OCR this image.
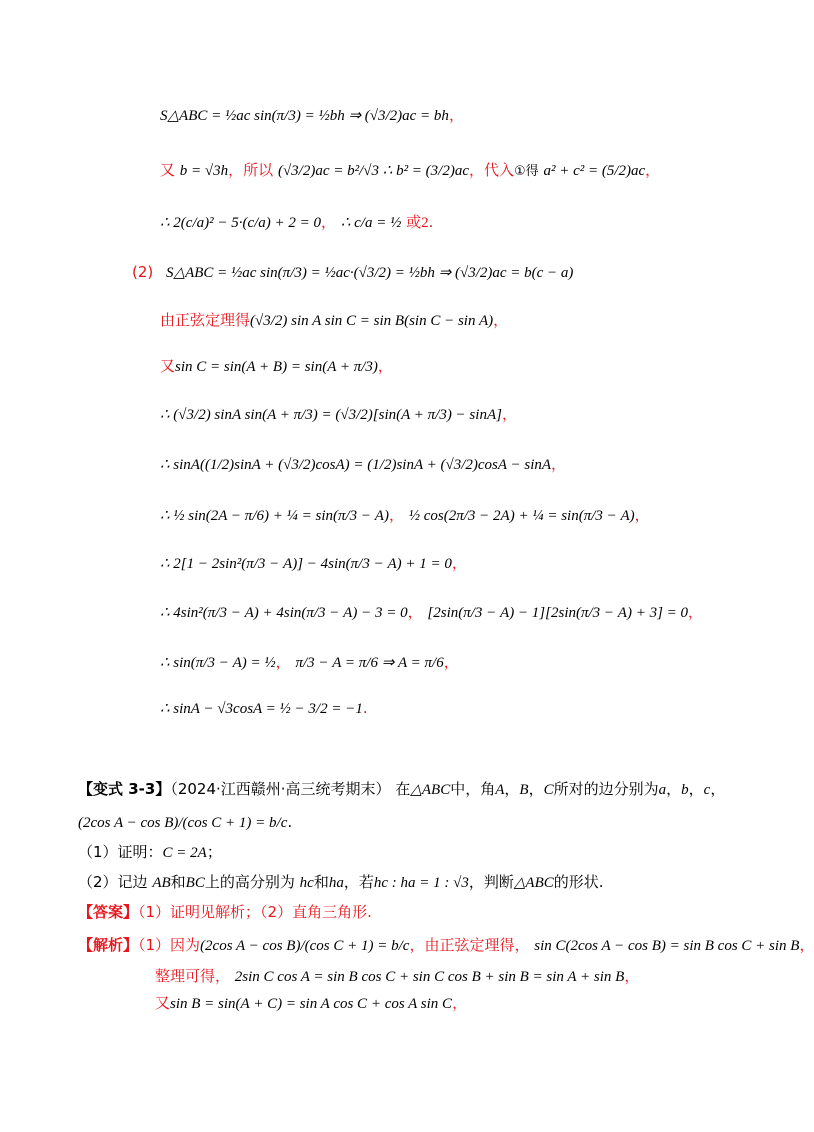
S△ABC = ½ac sin(π/3) = ½bh ⇒ (√3/2)ac = bh，
又 b = √3h，所以 (√3/2)ac = b²/√3 ∴ b² = (3/2)ac，代入①得 a² + c² = (5/2)ac，
∴ 2(c/a)² − 5·(c/a) + 2 = 0， ∴ c/a = ½ 或2.
(2) S△ABC = ½ac sin(π/3) = ½ac·(√3/2) = ½bh ⇒ (√3/2)ac = b(c − a)
由正弦定理得(√3/2) sin A sin C = sin B(sin C − sin A)，
又sin C = sin(A + B) = sin(A + π/3)，
∴ (√3/2) sinA sin(A + π/3) = (√3/2)[sin(A + π/3) − sinA]，
∴ sinA((1/2)sinA + (√3/2)cosA) = (1/2)sinA + (√3/2)cosA − sinA，
∴ ½ sin(2A − π/6) + ¼ = sin(π/3 − A)， ½ cos(2π/3 − 2A) + ¼ = sin(π/3 − A)，
∴ 2[1 − 2sin²(π/3 − A)] − 4sin(π/3 − A) + 1 = 0，
∴ 4sin²(π/3 − A) + 4sin(π/3 − A) − 3 = 0， [2sin(π/3 − A) − 1][2sin(π/3 − A) + 3] = 0，
∴ sin(π/3 − A) = ½， π/3 − A = π/6 ⇒ A = π/6，
∴ sinA − √3cosA = ½ − 3/2 = −1.
【变式 3-3】（2024·江西赣州·高三统考期末） 在△ABC中，角A，B，C所对的边分别为a，b，c，
(2cos A − cos B)/(cos C + 1) = b/c.
（1）证明：C = 2A；
（2）记边 AB和BC上的高分别为 hc和ha，若hc : ha = 1 : √3，判断△ABC的形状.
【答案】（1）证明见解析；（2）直角三角形.
【解析】（1）因为(2cos A − cos B)/(cos C + 1) = b/c，由正弦定理得， sin C(2cos A − cos B) = sin B cos C + sin B，
整理可得， 2sin C cos A = sin B cos C + sin C cos B + sin B = sin A + sin B，
又sin B = sin(A + C) = sin A cos C + cos A sin C，
